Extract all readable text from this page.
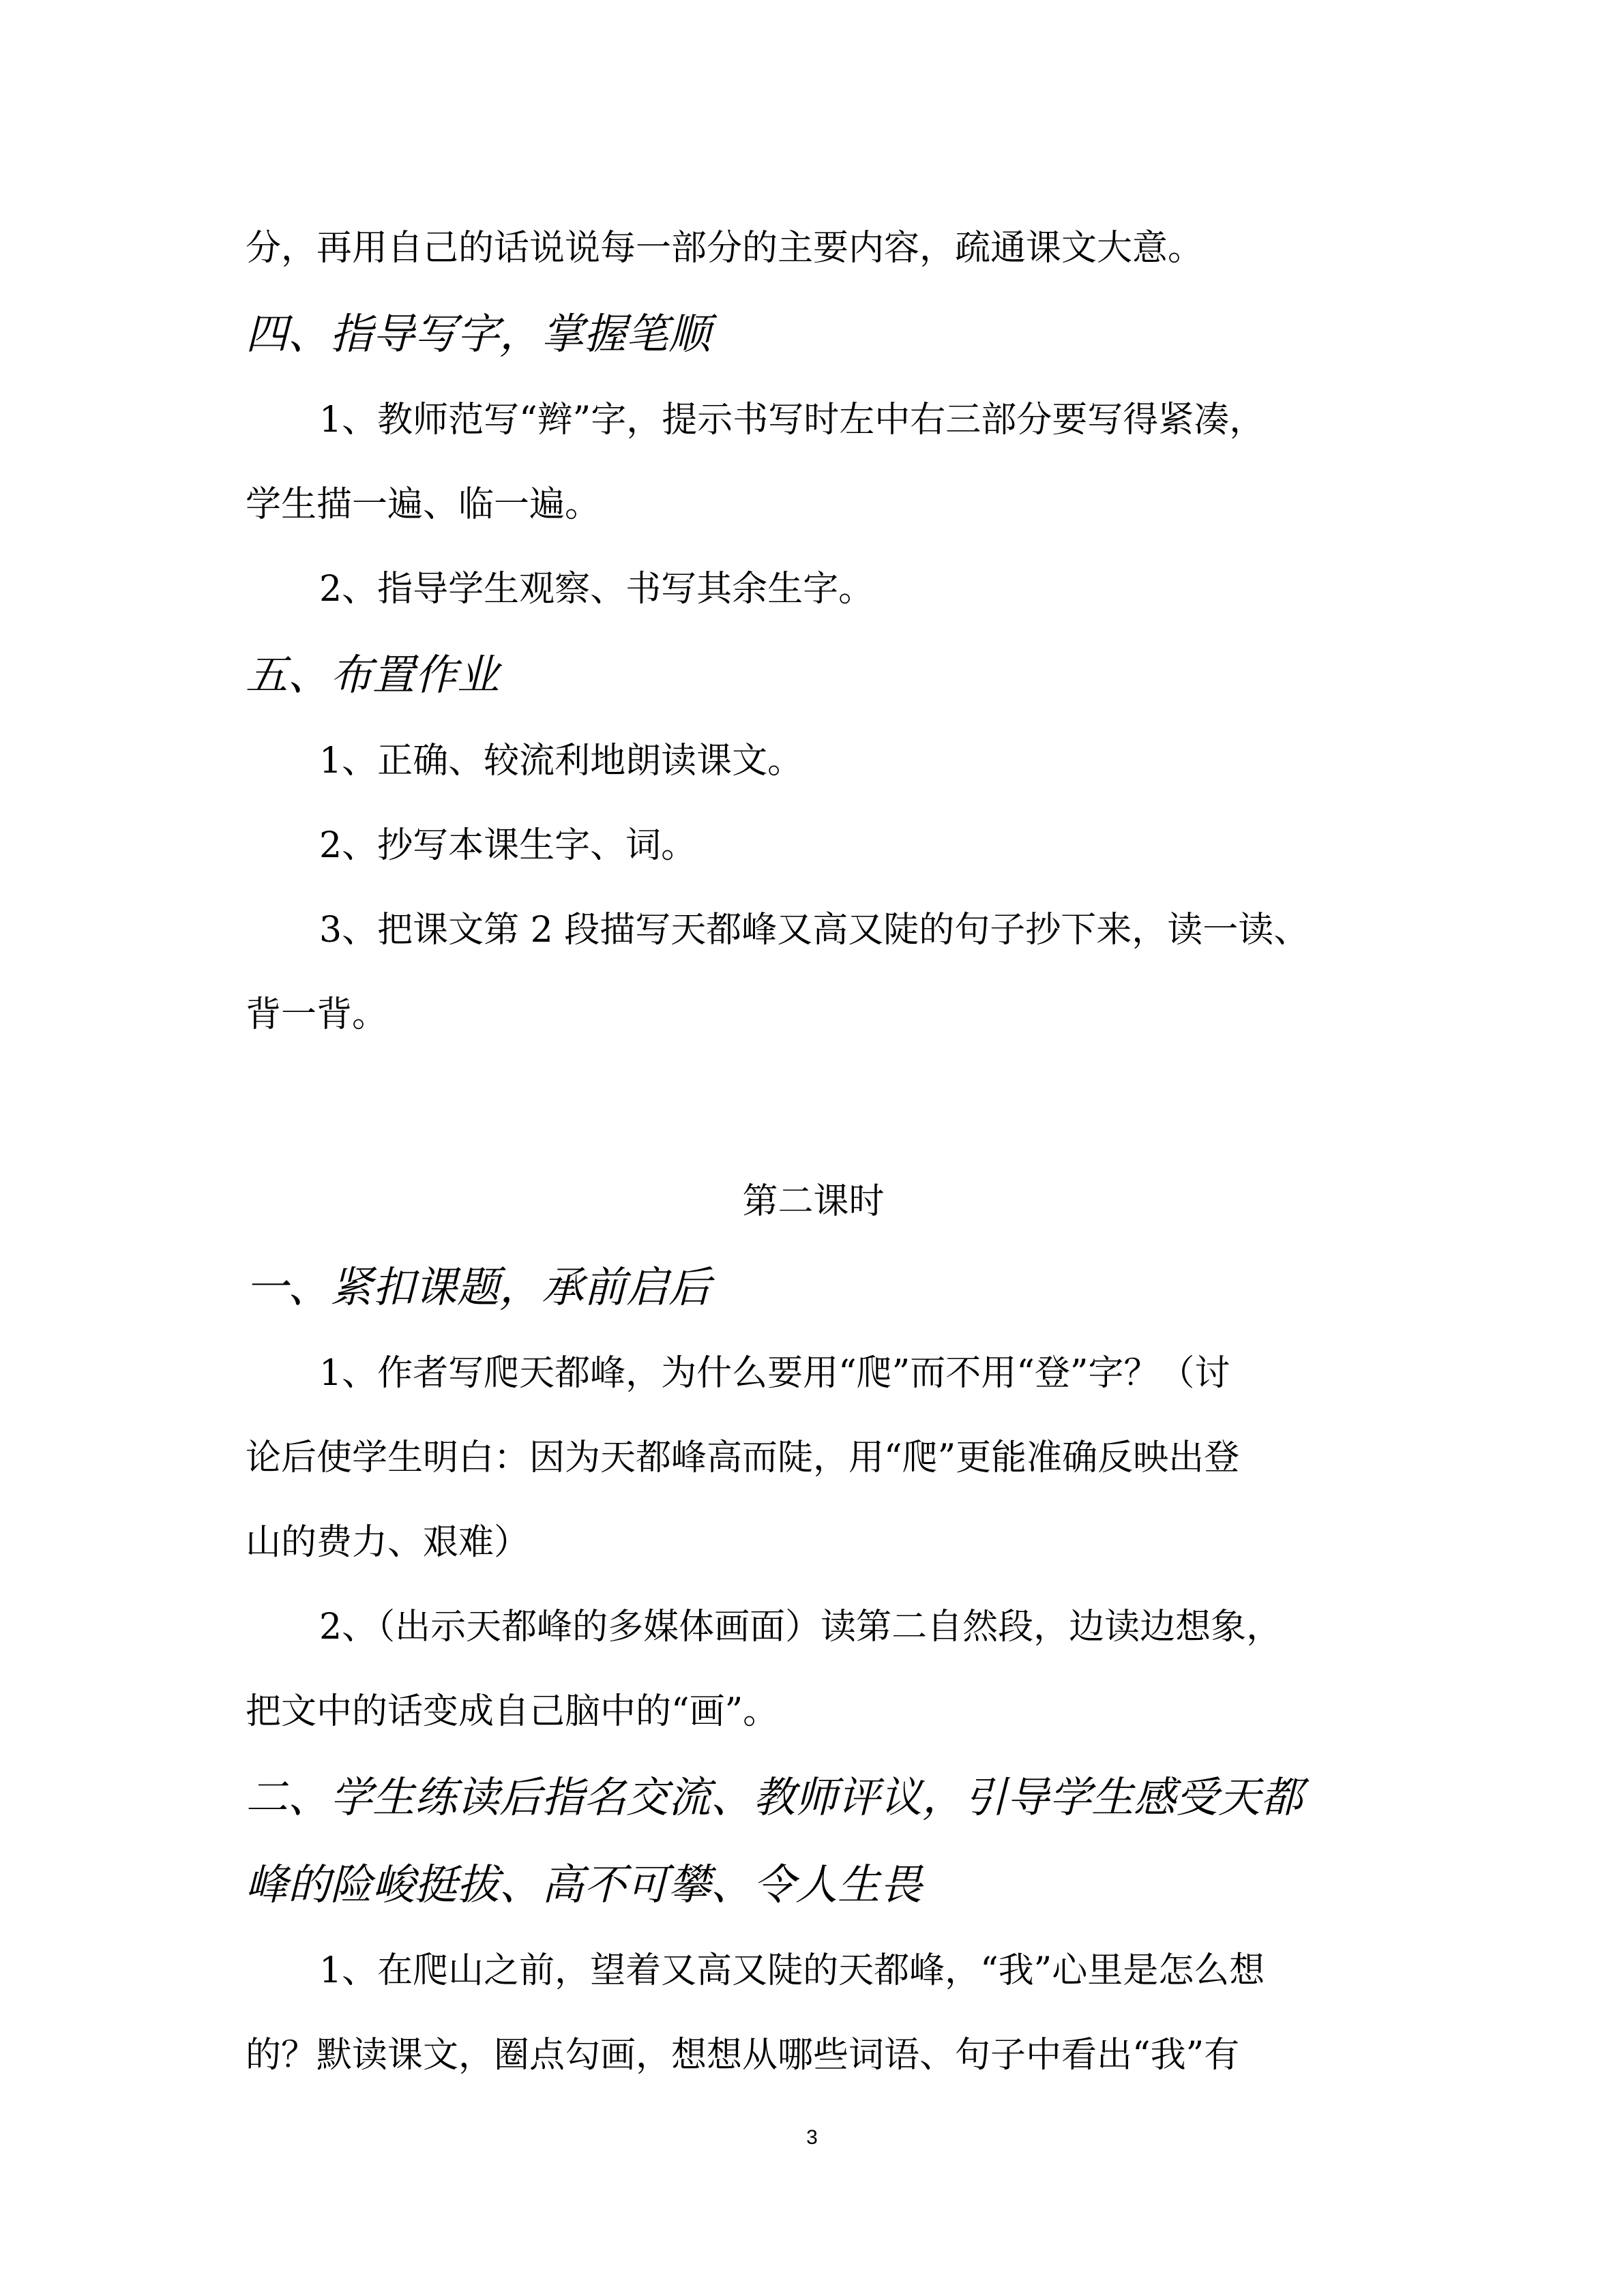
分，再用自己的话说说每一部分的主要内容，疏通课文大意。
四、指导写字，掌握笔顺
1、教师范写“辫”字，提示书写时左中右三部分要写得紧凑，
学生描一遍、临一遍。
2、指导学生观察、书写其余生字。
五、布置作业
1、正确、较流利地朗读课文。
2、抄写本课生字、词。
3、把课文第 2 段描写天都峰又高又陡的句子抄下来，读一读、
背一背。
第二课时
一、紧扣课题，承前启后
1、作者写爬天都峰，为什么要用“爬”而不用“登”字？（讨
论后使学生明白：因为天都峰高而陡，用“爬”更能准确反映出登
山的费力、艰难）
2、（出示天都峰的多媒体画面）读第二自然段，边读边想象，
把文中的话变成自己脑中的“画”。
二、学生练读后指名交流、教师评议，引导学生感受天都
峰的险峻挺拔、高不可攀、令人生畏
1、在爬山之前，望着又高又陡的天都峰，“我”心里是怎么想
的？默读课文，圈点勾画，想想从哪些词语、句子中看出“我”有
3
